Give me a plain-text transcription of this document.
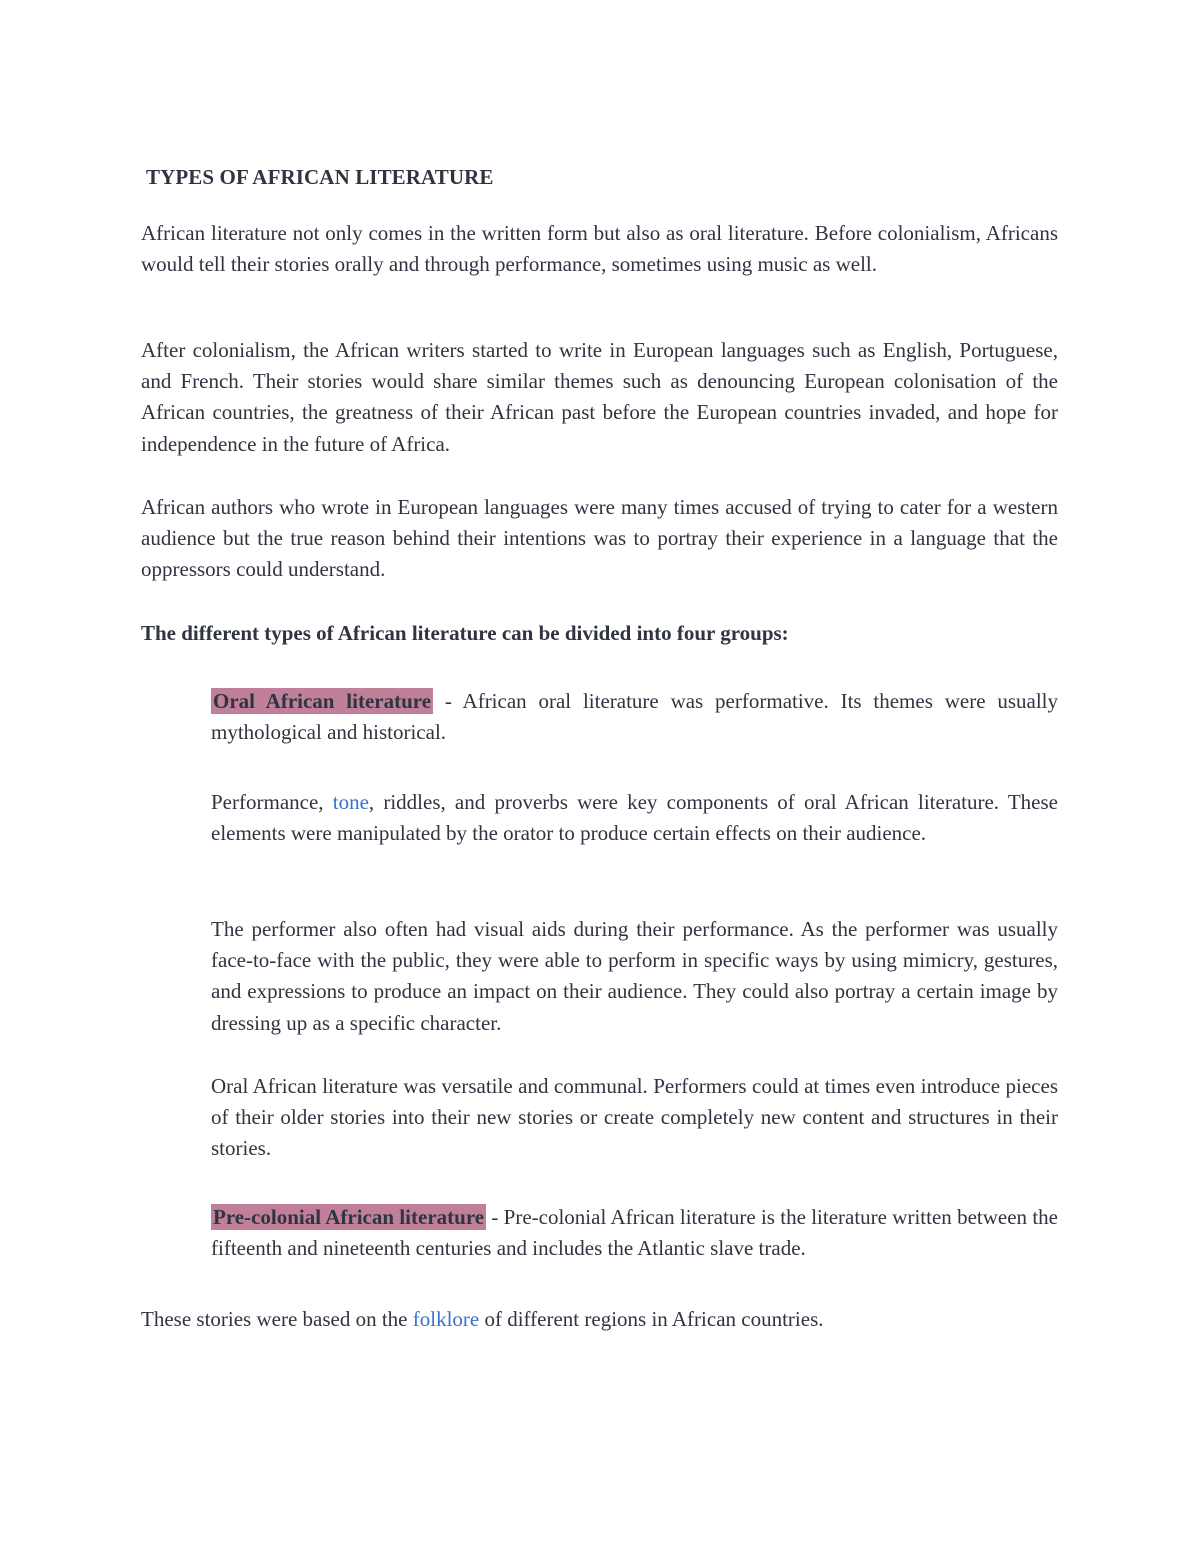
TYPES OF AFRICAN LITERATURE

African literature not only comes in the written form but also as oral literature. Before colonialism, Africans would tell their stories orally and through performance, sometimes using music as well.

After colonialism, the African writers started to write in European languages such as English, Portuguese, and French. Their stories would share similar themes such as denouncing European colonisation of the African countries, the greatness of their African past before the European countries invaded, and hope for independence in the future of Africa.

African authors who wrote in European languages were many times accused of trying to cater for a western audience but the true reason behind their intentions was to portray their experience in a language that the oppressors could understand.

The different types of African literature can be divided into four groups:

Oral African literature - African oral literature was performative. Its themes were usually mythological and historical.

Performance, tone, riddles, and proverbs were key components of oral African literature. These elements were manipulated by the orator to produce certain effects on their audience.

The performer also often had visual aids during their performance. As the performer was usually face-to-face with the public, they were able to perform in specific ways by using mimicry, gestures, and expressions to produce an impact on their audience. They could also portray a certain image by dressing up as a specific character.

Oral African literature was versatile and communal. Performers could at times even introduce pieces of their older stories into their new stories or create completely new content and structures in their stories.

Pre-colonial African literature - Pre-colonial African literature is the literature written between the fifteenth and nineteenth centuries and includes the Atlantic slave trade.

These stories were based on the folklore of different regions in African countries.
